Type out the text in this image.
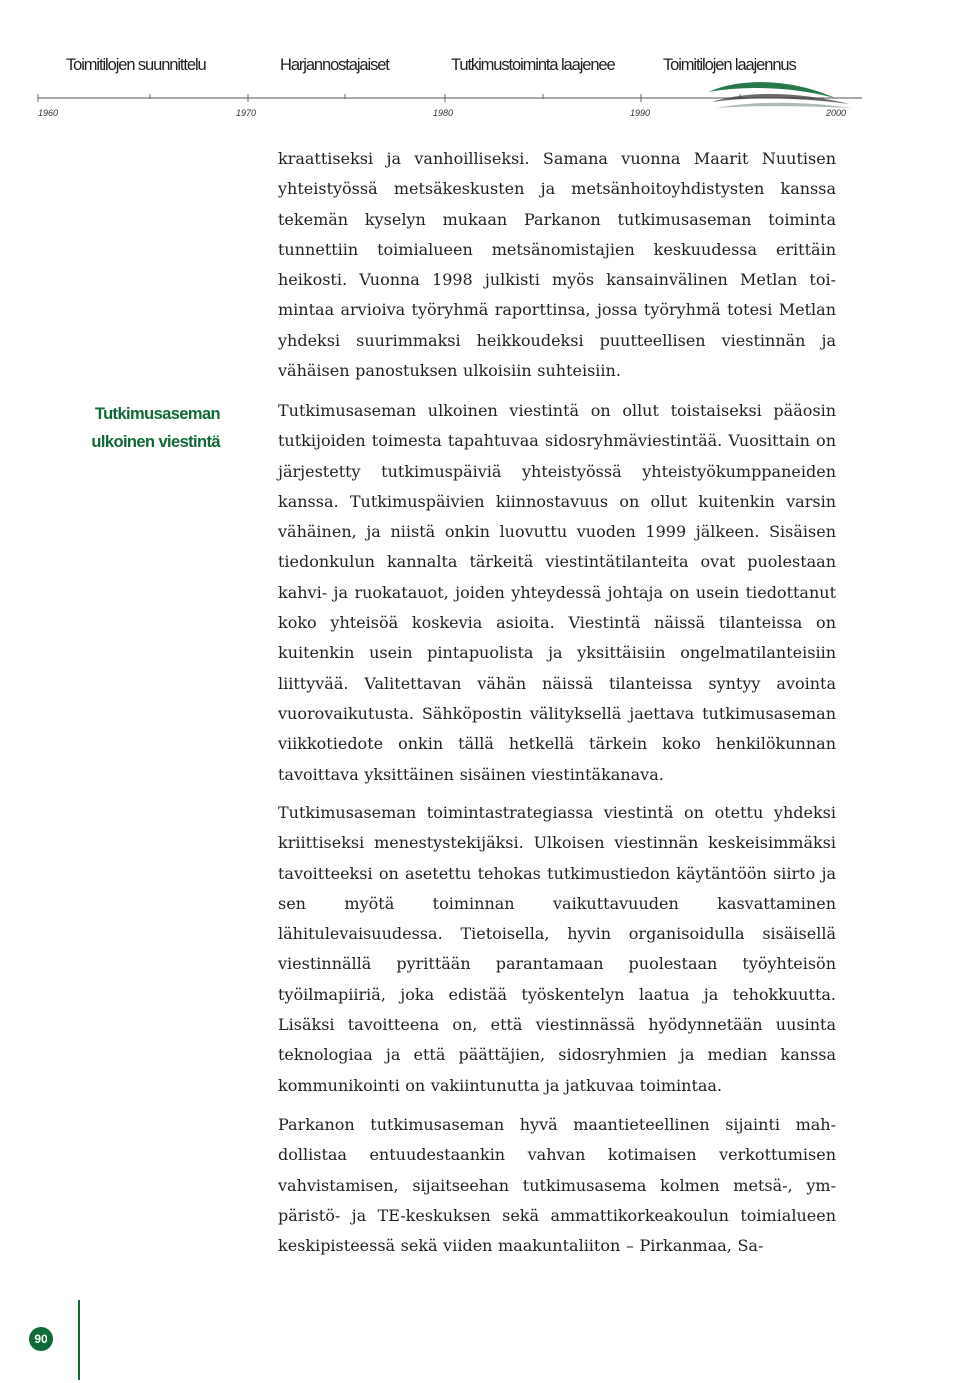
Toimitilojen suunnittelu	Harjannostajaiset	Tutkimustoiminta laajenee	Toimitilojen laajennus
1960	1970	1980	1990	2000
Tutkimusaseman
ulkoinen viestintä

kraattiseksi ja vanhoilliseksi. Samana vuonna Maarit Nuutisen yhteistyössä metsäkeskusten ja metsänhoitoyhdistysten kanssa tekemän kyselyn mukaan Parkanon tutkimusaseman toiminta tunnettiin toimialueen metsänomistajien keskuudessa erittäin heikosti. Vuonna 1998 julkisti myös kansainvälinen Metlan toimintaa arvioiva työryhmä raporttinsa, jossa työryhmä totesi Metlan yhdeksi suurimmaksi heikkoudeksi puutteellisen viestinnän ja vähäisen panostuksen ulkoisiin suhteisiin.

Tutkimusaseman ulkoinen viestintä on ollut toistaiseksi pääosin tutkijoiden toimesta tapahtuvaa sidosryhmäviestintää. Vuosittain on järjestetty tutkimuspäiviä yhteistyössä yhteistyökumppaneiden kanssa. Tutkimuspäivien kiinnostavuus on ollut kuitenkin varsin vähäinen, ja niistä onkin luovuttu vuoden 1999 jälkeen. Sisäisen tiedonkulun kannalta tärkeitä viestintätilanteita ovat puolestaan kahvi- ja ruokatauot, joiden yhteydessä johtaja on usein tiedottanut koko yhteisöä koskevia asioita. Viestintä näissä tilanteissa on kuitenkin usein pintapuolista ja yksittäisiin ongelmatilanteisiin liittyvää. Valitettavan vähän näissä tilanteissa syntyy avointa vuorovaikutusta. Sähköpostin välityksellä jaettava tutkimusaseman viikkotiedote onkin tällä hetkellä tärkein koko henkilökunnan tavoittava yksittäinen sisäinen viestintäkanava.

Tutkimusaseman toimintastrategiassa viestintä on otettu yhdeksi kriittiseksi menestystekijäksi. Ulkoisen viestinnän keskeisimmäksi tavoitteeksi on asetettu tehokas tutkimustiedon käytäntöön siirto ja sen myötä toiminnan vaikuttavuuden kasvattaminen lähitulevaisuudessa. Tietoisella, hyvin organisoidulla sisäisellä viestinnällä pyrittään parantamaan puolestaan työyhteisön työilmapiiriä, joka edistää työskentelyn laatua ja tehokkuutta. Lisäksi tavoitteena on, että viestinnässä hyödynnetään uusinta teknologiaa ja että päättäjien, sidosryhmien ja median kanssa kommunikointi on vakiintunutta ja jatkuvaa toimintaa.

Parkanon tutkimusaseman hyvä maantieteellinen sijainti mahdollistaa entuudestaankin vahvan kotimaisen verkottumisen vahvistamisen, sijaitseehan tutkimusasema kolmen metsä-, ympäristö- ja TE-keskuksen sekä ammattikorkeakoulun toimialueen keskipisteessä sekä viiden maakuntaliiton – Pirkanmaa, Sa-

90
